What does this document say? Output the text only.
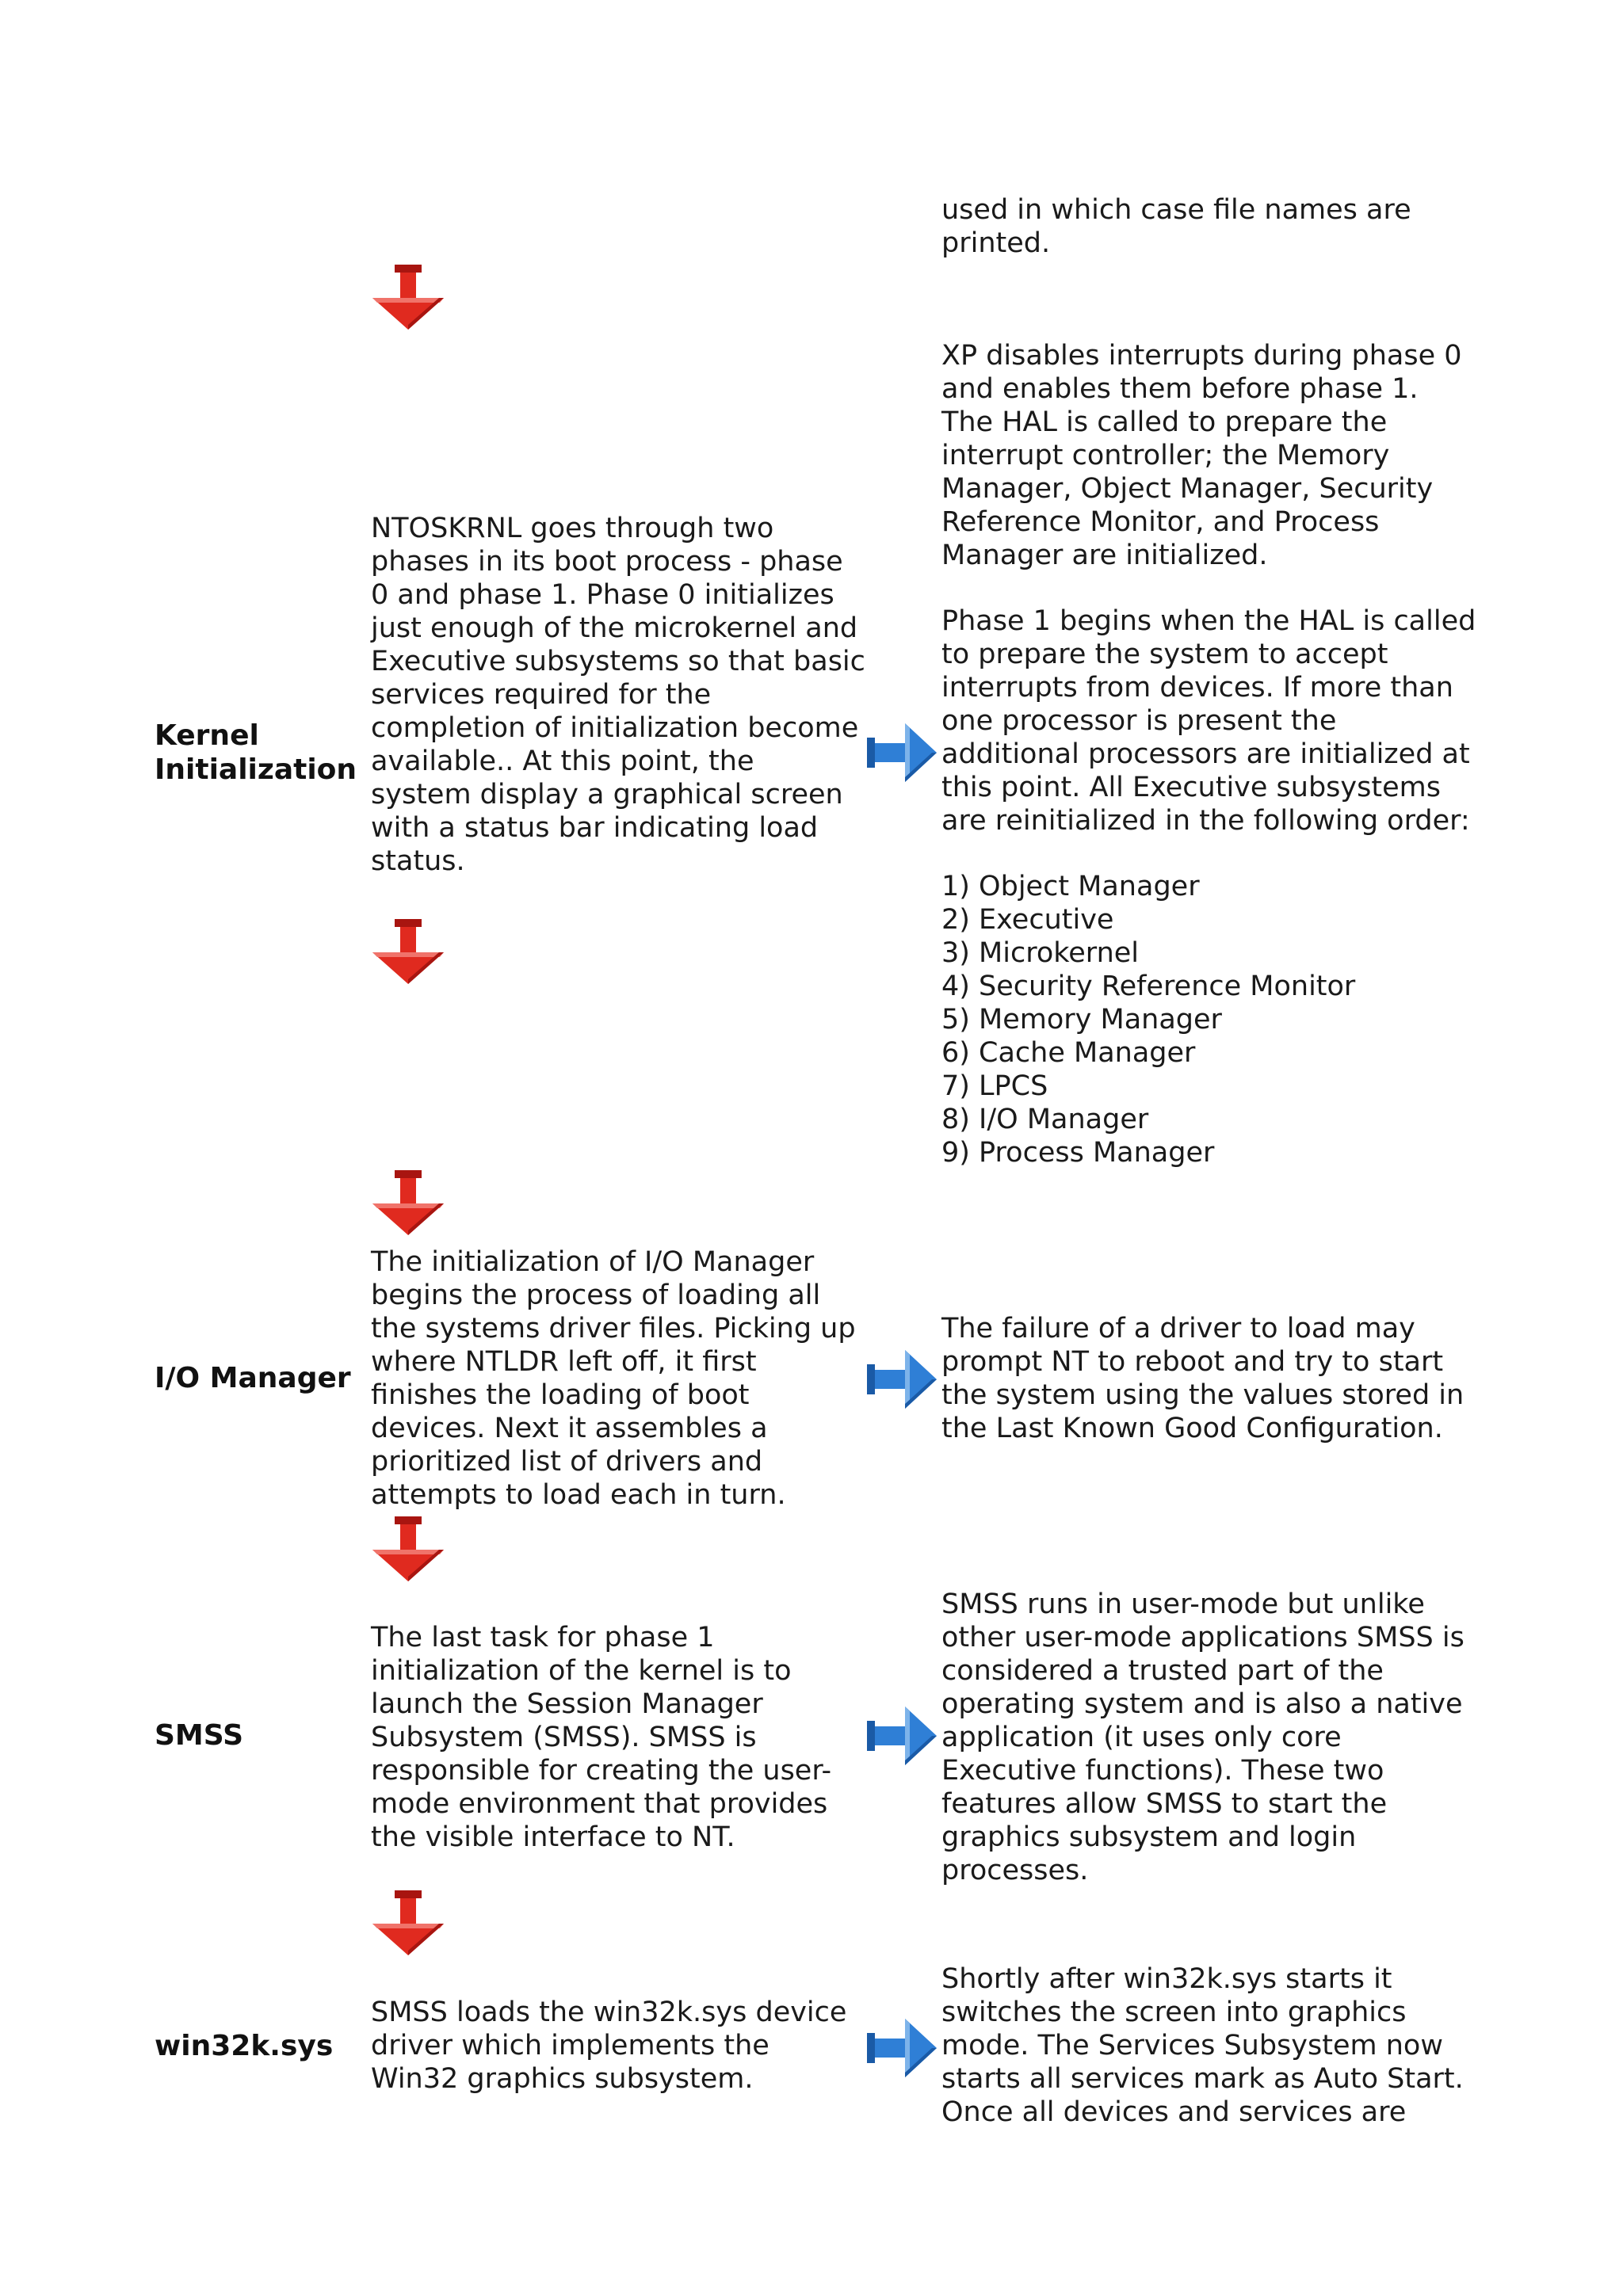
used in which case file names are
printed.

Kernel
Initialization

NTOSKRNL goes through two
phases in its boot process - phase
0 and phase 1. Phase 0 initializes
just enough of the microkernel and
Executive subsystems so that basic
services required for the
completion of initialization become
available.. At this point, the
system display a graphical screen
with a status bar indicating load
status.

XP disables interrupts during phase 0
and enables them before phase 1.
The HAL is called to prepare the
interrupt controller; the Memory
Manager, Object Manager, Security
Reference Monitor, and Process
Manager are initialized.

Phase 1 begins when the HAL is called
to prepare the system to accept
interrupts from devices. If more than
one processor is present the
additional processors are initialized at
this point. All Executive subsystems
are reinitialized in the following order:

1) Object Manager
2) Executive
3) Microkernel
4) Security Reference Monitor
5) Memory Manager
6) Cache Manager
7) LPCS
8) I/O Manager
9) Process Manager

I/O Manager

The initialization of I/O Manager
begins the process of loading all
the systems driver files. Picking up
where NTLDR left off, it first
finishes the loading of boot
devices. Next it assembles a
prioritized list of drivers and
attempts to load each in turn.

The failure of a driver to load may
prompt NT to reboot and try to start
the system using the values stored in
the Last Known Good Configuration.

SMSS

The last task for phase 1
initialization of the kernel is to
launch the Session Manager
Subsystem (SMSS). SMSS is
responsible for creating the user-
mode environment that provides
the visible interface to NT.

SMSS runs in user-mode but unlike
other user-mode applications SMSS is
considered a trusted part of the
operating system and is also a native
application (it uses only core
Executive functions). These two
features allow SMSS to start the
graphics subsystem and login
processes.

win32k.sys

SMSS loads the win32k.sys device
driver which implements the
Win32 graphics subsystem.

Shortly after win32k.sys starts it
switches the screen into graphics
mode. The Services Subsystem now
starts all services mark as Auto Start.
Once all devices and services are
